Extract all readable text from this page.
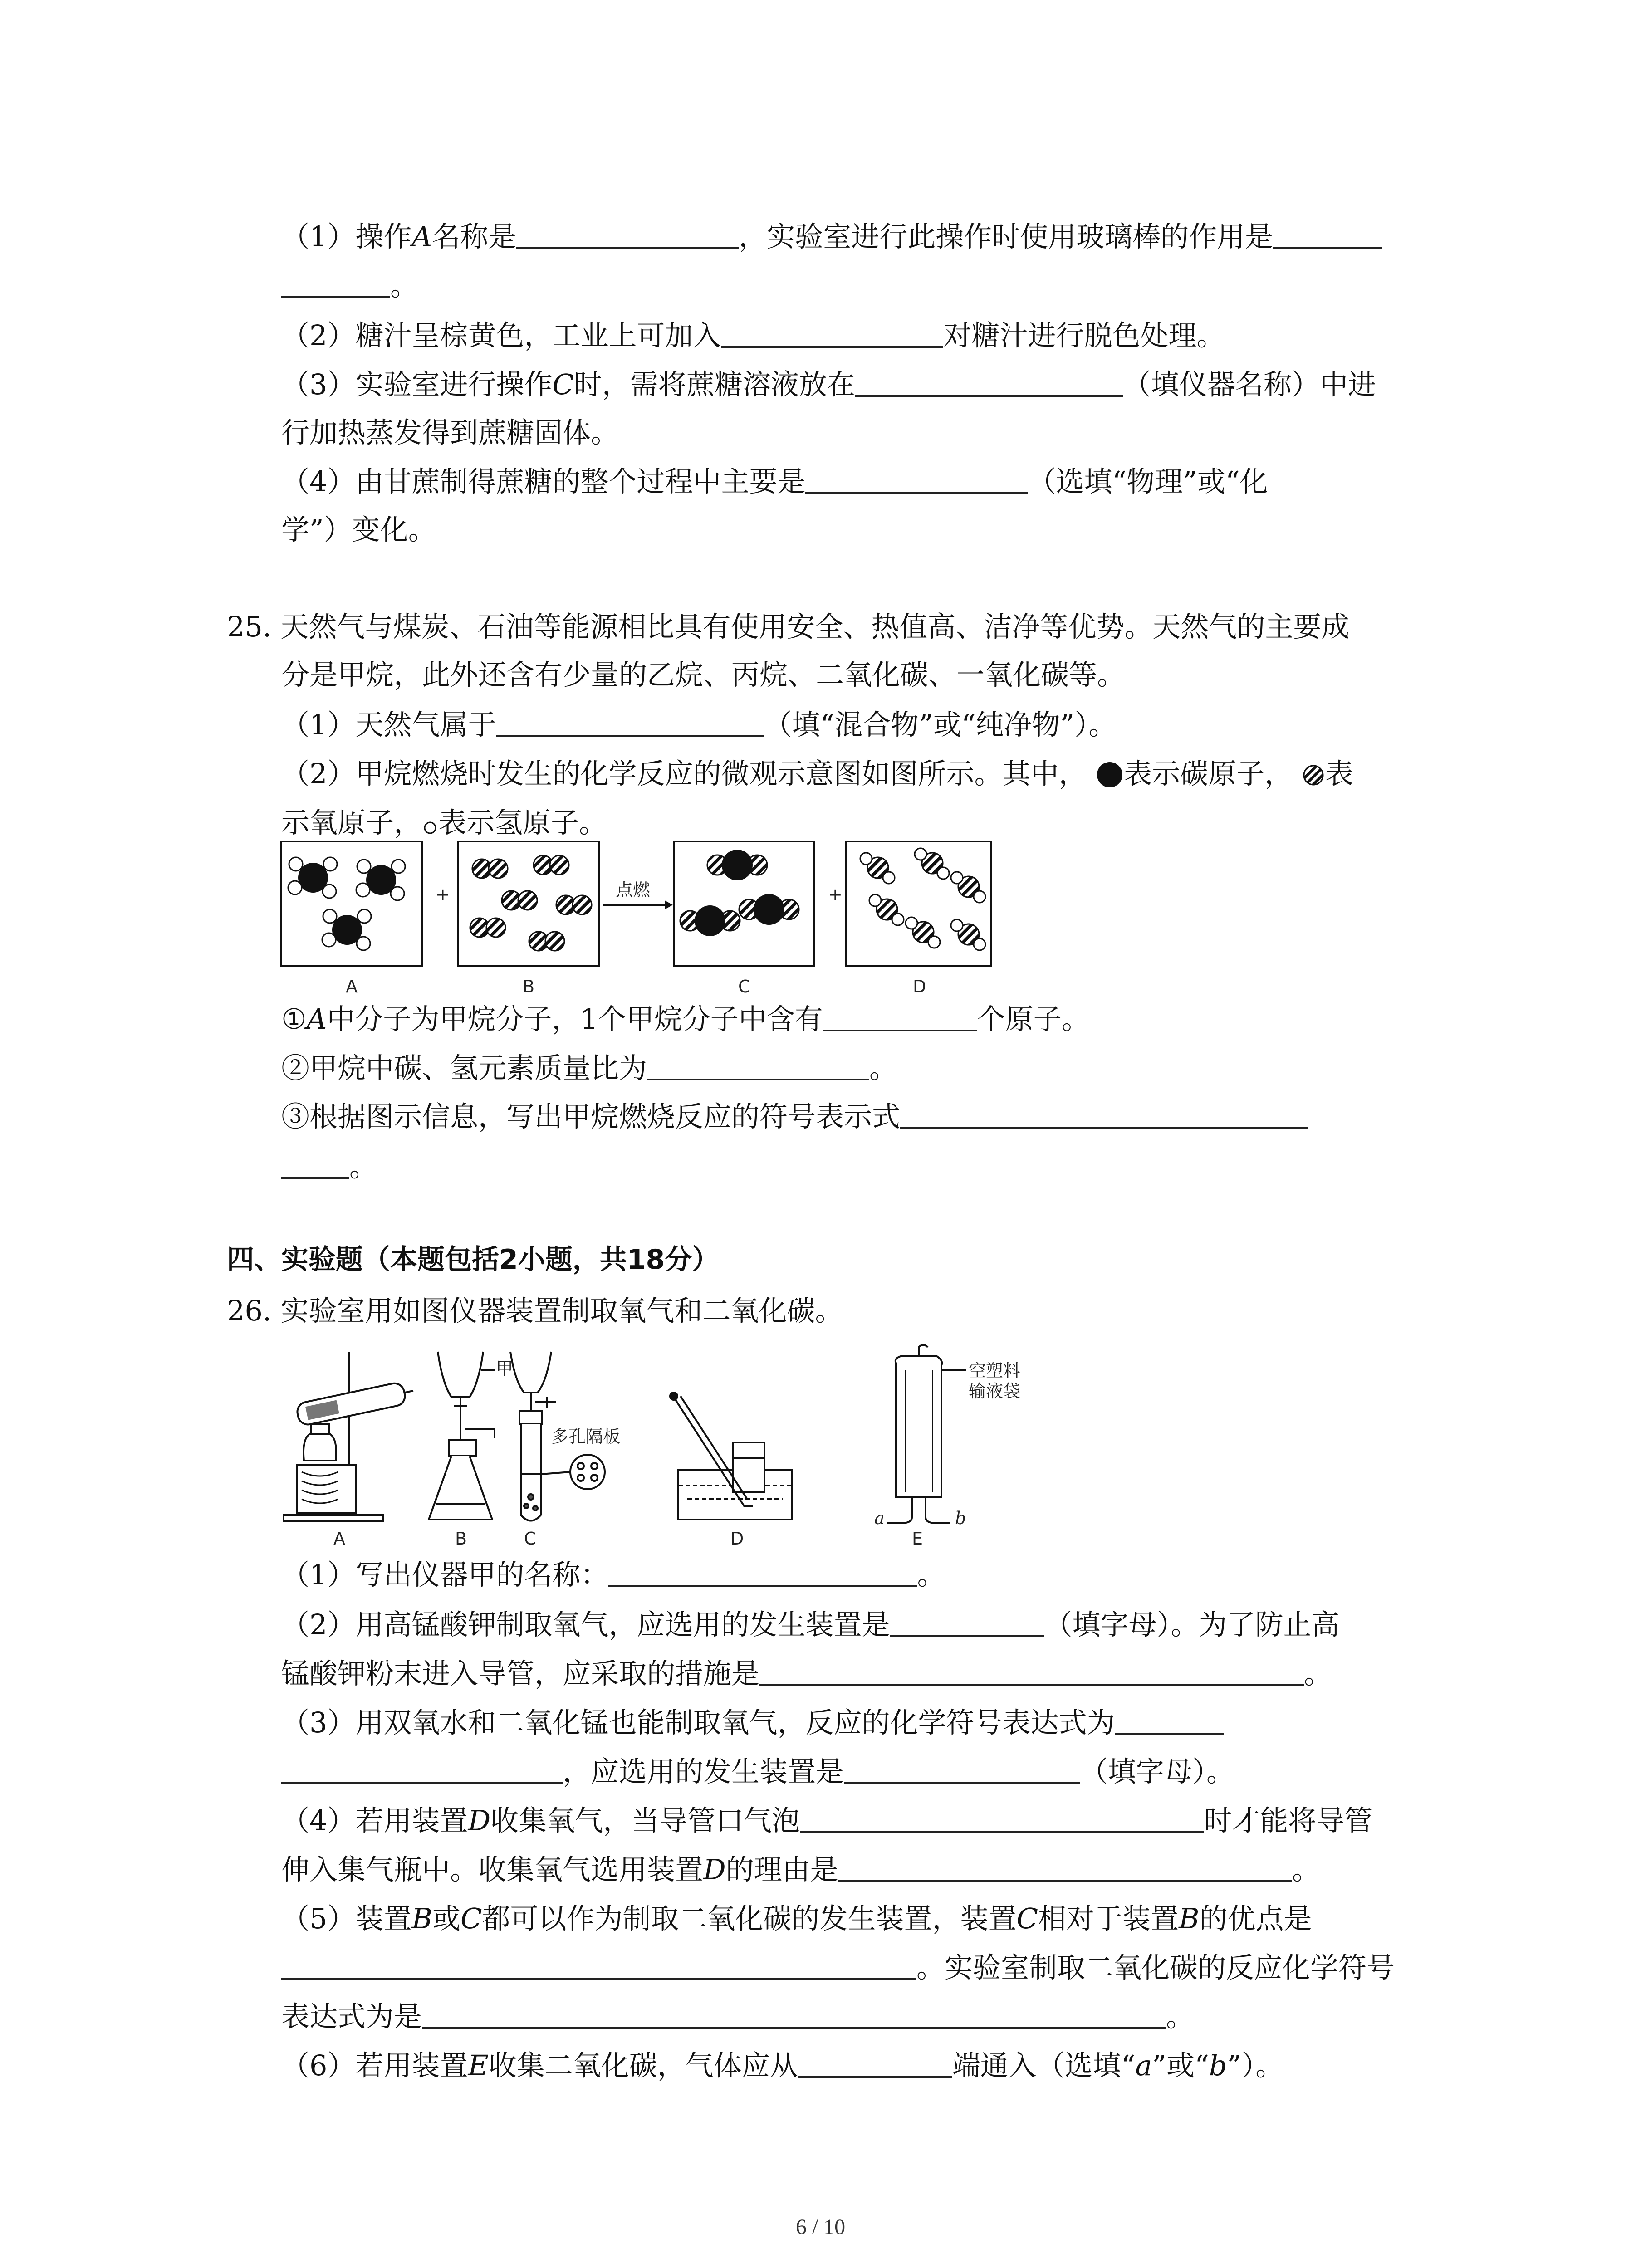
（1）操作A名称是	，实验室进行此操作时使用玻璃棒的作用是
。
（2）糖汁呈棕黄色，工业上可加入	对糖汁进行脱色处理。
（3）实验室进行操作C时，需将蔗糖溶液放在	（填仪器名称）中进
行加热蒸发得到蔗糖固体。
（4）由甘蔗制得蔗糖的整个过程中主要是	（选填“物理”或“化
学”）变化。
25. 天然气与煤炭、石油等能源相比具有使用安全、热值高、洁净等优势。天然气的主要成
分是甲烷，此外还含有少量的乙烷、丙烷、二氧化碳、一氧化碳等。
（1）天然气属于	（填“混合物”或“纯净物”）。
（2）甲烷燃烧时发生的化学反应的微观示意图如图所示。其中， 表示碳原子， 表
示氧原子， 表示氢原子。
+	点燃	+
A	B	C	D
①A中分子为甲烷分子，1个甲烷分子中含有	个原子。
②甲烷中碳、氢元素质量比为	。
③根据图示信息，写出甲烷燃烧反应的符号表示式
。
四、实验题（本题包括2小题，共18分）
26. 实验室用如图仪器装置制取氧气和二氧化碳。
甲
多孔隔板
空塑料
输液袋
a	b
A	B	C	D	E
（1）写出仪器甲的名称：	。
（2）用高锰酸钾制取氧气，应选用的发生装置是	（填字母）。为了防止高
锰酸钾粉末进入导管，应采取的措施是	。
（3）用双氧水和二氧化锰也能制取氧气，反应的化学符号表达式为
，应选用的发生装置是	（填字母）。
（4）若用装置D收集氧气，当导管口气泡	时才能将导管
伸入集气瓶中。收集氧气选用装置D的理由是	。
（5）装置B或C都可以作为制取二氧化碳的发生装置，装置C相对于装置B的优点是
。实验室制取二氧化碳的反应化学符号
表达式为是	。
（6）若用装置E收集二氧化碳，气体应从	端通入（选填“a”或“b”）。
6 / 10
